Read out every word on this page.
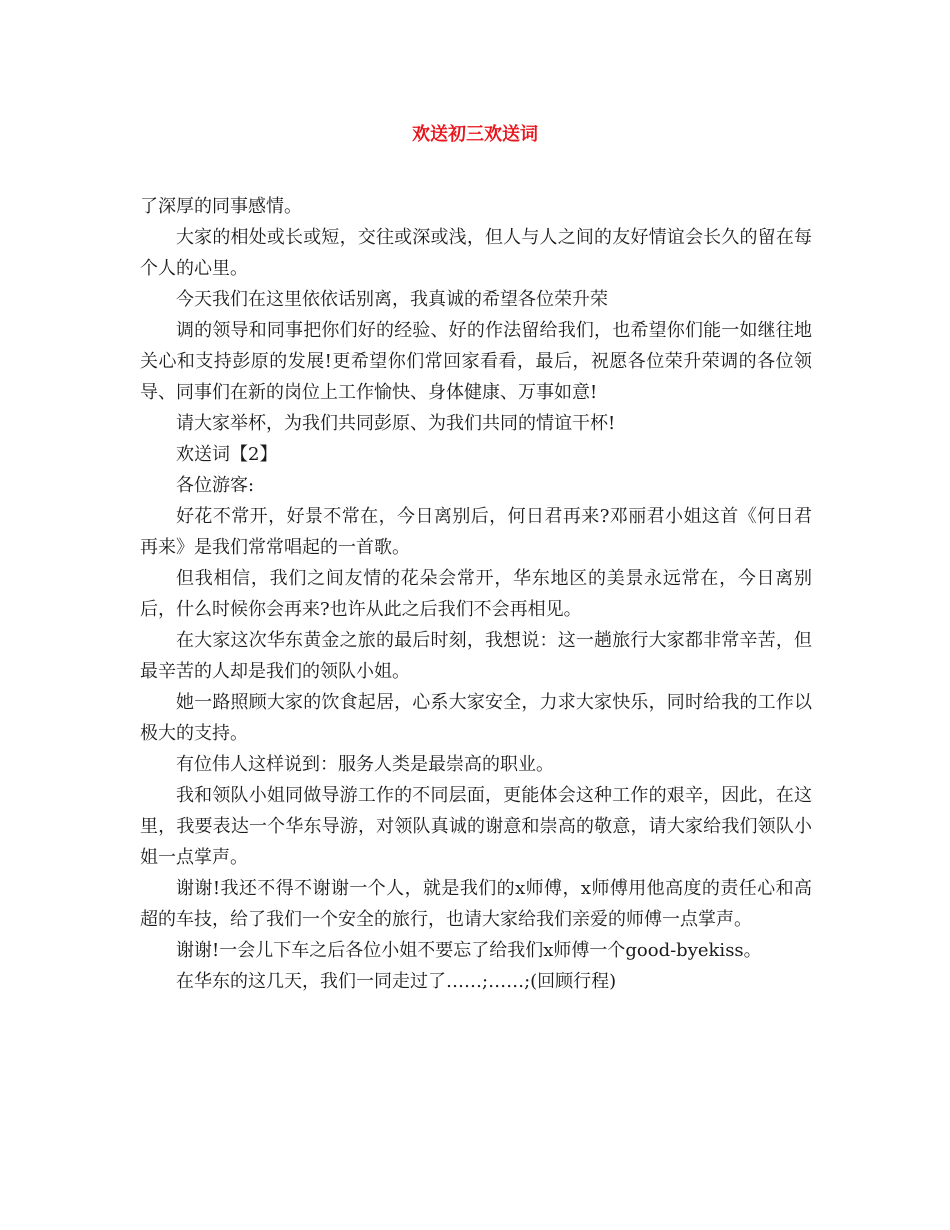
欢送初三欢送词

了深厚的同事感情。

大家的相处或长或短，交往或深或浅，但人与人之间的友好情谊会长久的留在每个人的心里。

今天我们在这里依依话别离，我真诚的希望各位荣升荣

调的领导和同事把你们好的经验、好的作法留给我们，也希望你们能一如继往地关心和支持彭原的发展!更希望你们常回家看看，最后，祝愿各位荣升荣调的各位领导、同事们在新的岗位上工作愉快、身体健康、万事如意!

请大家举杯，为我们共同彭原、为我们共同的情谊干杯!

欢送词【2】

各位游客:

好花不常开，好景不常在，今日离别后，何日君再来?邓丽君小姐这首《何日君再来》是我们常常唱起的一首歌。

但我相信，我们之间友情的花朵会常开，华东地区的美景永远常在，今日离别后，什么时候你会再来?也许从此之后我们不会再相见。

在大家这次华东黄金之旅的最后时刻，我想说：这一趟旅行大家都非常辛苦，但最辛苦的人却是我们的领队小姐。

她一路照顾大家的饮食起居，心系大家安全，力求大家快乐，同时给我的工作以极大的支持。

有位伟人这样说到：服务人类是最崇高的职业。

我和领队小姐同做导游工作的不同层面，更能体会这种工作的艰辛，因此，在这里，我要表达一个华东导游，对领队真诚的谢意和崇高的敬意，请大家给我们领队小姐一点掌声。

谢谢!我还不得不谢谢一个人，就是我们的x师傅，x师傅用他高度的责任心和高超的车技，给了我们一个安全的旅行，也请大家给我们亲爱的师傅一点掌声。

谢谢!一会儿下车之后各位小姐不要忘了给我们x师傅一个good-byekiss。

在华东的这几天，我们一同走过了……;……;(回顾行程)
